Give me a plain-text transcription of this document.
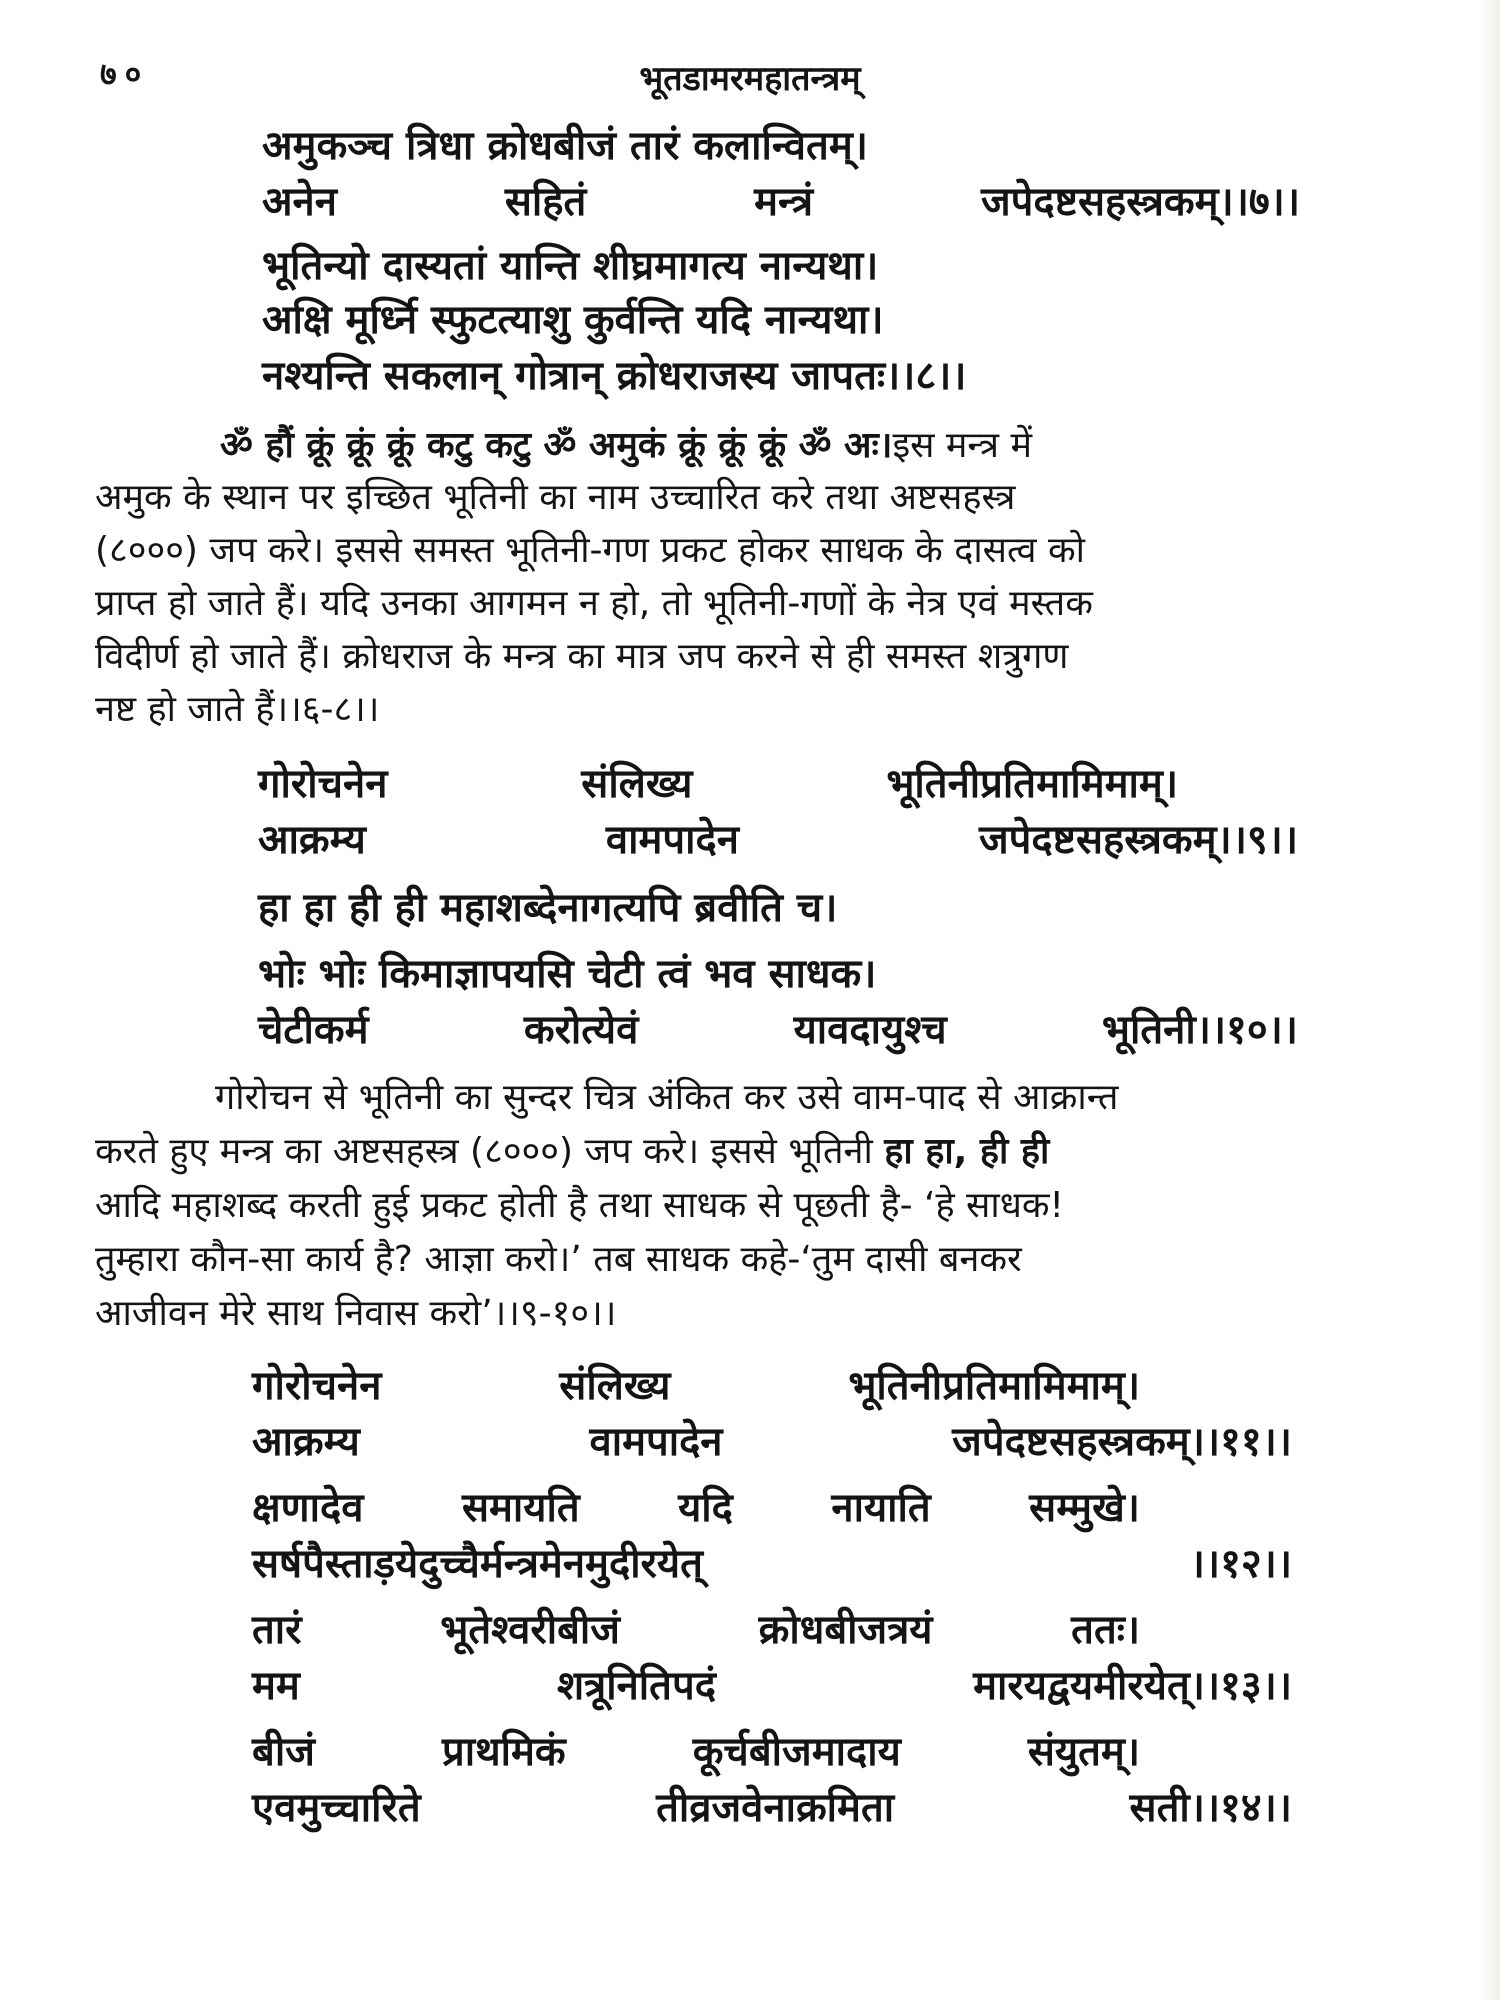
७०	भूतडामरमहातन्त्रम्
अमुकञ्च त्रिधा क्रोधबीजं तारं कलान्वितम्।
अनेन	सहितं	मन्त्रं	जपेदष्टसहस्त्रकम्।।७।।
भूतिन्यो दास्यतां यान्ति शीघ्रमागत्य नान्यथा।
अक्षि मूर्ध्नि स्फुटत्याशु कुर्वन्ति यदि नान्यथा।
नश्यन्ति सकलान् गोत्रान् क्रोधराजस्य जापतः।।८।।
ॐ हौं क्रूं क्रूं क्रूं कटु कटु ॐ अमुकं क्रूं क्रूं क्रूं ॐ अः।इस मन्त्र में
अमुक के स्थान पर इच्छित भूतिनी का नाम उच्चारित करे तथा अष्टसहस्त्र
(८०००) जप करे। इससे समस्त भूतिनी-गण प्रकट होकर साधक के दासत्व को
प्राप्त हो जाते हैं। यदि उनका आगमन न हो, तो भूतिनी-गणों के नेत्र एवं मस्तक
विदीर्ण हो जाते हैं। क्रोधराज के मन्त्र का मात्र जप करने से ही समस्त शत्रुगण
नष्ट हो जाते हैं।।६-८।।
गोरोचनेन	संलिख्य	भूतिनीप्रतिमामिमाम्।
आक्रम्य	वामपादेन	जपेदष्टसहस्त्रकम्।।९।।
हा हा ही ही महाशब्देनागत्यपि ब्रवीति च।
भोः भोः किमाज्ञापयसि चेटी त्वं भव साधक।
चेटीकर्म	करोत्येवं	यावदायुश्च	भूतिनी।।१०।।
गोरोचन से भूतिनी का सुन्दर चित्र अंकित कर उसे वाम-पाद से आक्रान्त
करते हुए मन्त्र का अष्टसहस्त्र (८०००) जप करे। इससे भूतिनी हा हा, ही ही
आदि महाशब्द करती हुई प्रकट होती है तथा साधक से पूछती है- ‘हे साधक!
तुम्हारा कौन-सा कार्य है? आज्ञा करो।’ तब साधक कहे-‘तुम दासी बनकर
आजीवन मेरे साथ निवास करो’।।९-१०।।
गोरोचनेन	संलिख्य	भूतिनीप्रतिमामिमाम्।
आक्रम्य	वामपादेन	जपेदष्टसहस्त्रकम्।।११।।
क्षणादेव समायति यदि नायाति सम्मुखे।
सर्षपैस्ताड़येदुच्चैर्मन्त्रमेनमुदीरयेत्	।।१२।।
तारं	भूतेश्वरीबीजं	क्रोधबीजत्रयं	ततः।
मम	शत्रूनितिपदं	मारयद्वयमीरयेत्।।१३।।
बीजं	प्राथमिकं	कूर्चबीजमादाय	संयुतम्।
एवमुच्चारिते	तीव्रजवेनाक्रमिता	सती।।१४।।
